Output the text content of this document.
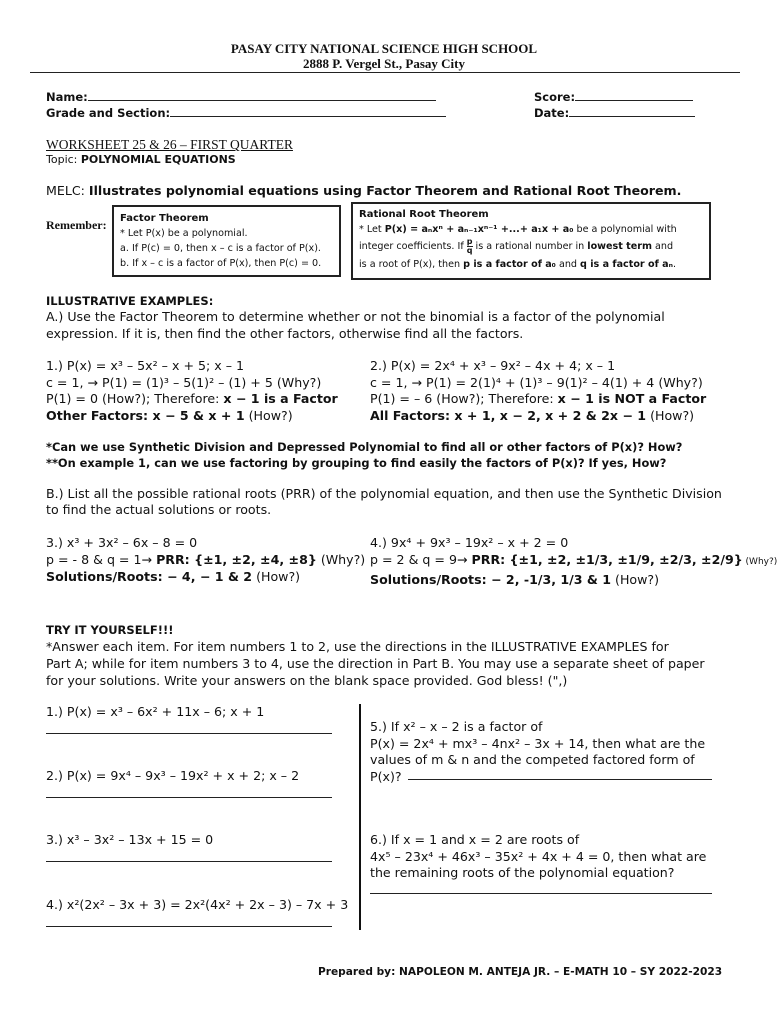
PASAY CITY NATIONAL SCIENCE HIGH SCHOOL
2888 P. Vergel St., Pasay City
Name:	Score:
Grade and Section:	Date:
WORKSHEET 25 & 26 – FIRST QUARTER
Topic: POLYNOMIAL EQUATIONS
MELC: Illustrates polynomial equations using Factor Theorem and Rational Root Theorem.
Remember: Factor Theorem
* Let P(x) be a polynomial.
a. If P(c) = 0, then x – c is a factor of P(x).
b. If x – c is a factor of P(x), then P(c) = 0.
Rational Root Theorem
* Let P(x) = aₙxⁿ + aₙ₋₁xⁿ⁻¹ +...+ a₁x + a₀ be a polynomial with
integer coefficients. If $\frac{p}{q}$ is a rational number in lowest term and
is a root of P(x), then p is a factor of a₀ and q is a factor of aₙ.
ILLUSTRATIVE EXAMPLES:
A.) Use the Factor Theorem to determine whether or not the binomial is a factor of the polynomial
expression. If it is, then find the other factors, otherwise find all the factors.
1.) P(x) = x³ – 5x² – x + 5; x – 1
c = 1, → P(1) = (1)³ – 5(1)² – (1) + 5 (Why?)
P(1) = 0 (How?); Therefore: x − 1 is a Factor
Other Factors: x − 5 & x + 1 (How?)
2.) P(x) = 2x⁴ + x³ – 9x² – 4x + 4; x – 1
c = 1, → P(1) = 2(1)⁴ + (1)³ – 9(1)² – 4(1) + 4 (Why?)
P(1) = – 6 (How?); Therefore: x − 1 is NOT a Factor
All Factors: x + 1, x − 2, x + 2 & 2x − 1 (How?)
*Can we use Synthetic Division and Depressed Polynomial to find all or other factors of P(x)? How?
**On example 1, can we use factoring by grouping to find easily the factors of P(x)? If yes, How?
B.) List all the possible rational roots (PRR) of the polynomial equation, and then use the Synthetic Division
to find the actual solutions or roots.
3.) x³ + 3x² – 6x – 8 = 0
p = - 8 & q = 1→ PRR: {±1, ±2, ±4, ±8} (Why?)
Solutions/Roots: − 4, − 1 & 2 (How?)
4.) 9x⁴ + 9x³ – 19x² – x + 2 = 0
p = 2 & q = 9→ PRR: {±1, ±2, ±1/3, ±1/9, ±2/3, ±2/9} (Why?)
Solutions/Roots: − 2, -1/3, 1/3 & 1 (How?)
TRY IT YOURSELF!!!
*Answer each item. For item numbers 1 to 2, use the directions in the ILLUSTRATIVE EXAMPLES for
Part A; while for item numbers 3 to 4, use the direction in Part B. You may use a separate sheet of paper
for your solutions. Write your answers on the blank space provided. God bless! (",)
1.) P(x) = x³ – 6x² + 11x – 6; x + 1
2.) P(x) = 9x⁴ – 9x³ – 19x² + x + 2; x – 2
3.) x³ – 3x² – 13x + 15 = 0
4.) x²(2x² – 3x + 3) = 2x²(4x² + 2x – 3) – 7x + 3
5.) If x² – x – 2 is a factor of
P(x) = 2x⁴ + mx³ – 4nx² – 3x + 14, then what are the
values of m & n and the competed factored form of
P(x)?
6.) If x = 1 and x = 2 are roots of
4x⁵ – 23x⁴ + 46x³ – 35x² + 4x + 4 = 0, then what are
the remaining roots of the polynomial equation?
Prepared by: NAPOLEON M. ANTEJA JR. – E-MATH 10 – SY 2022-2023
